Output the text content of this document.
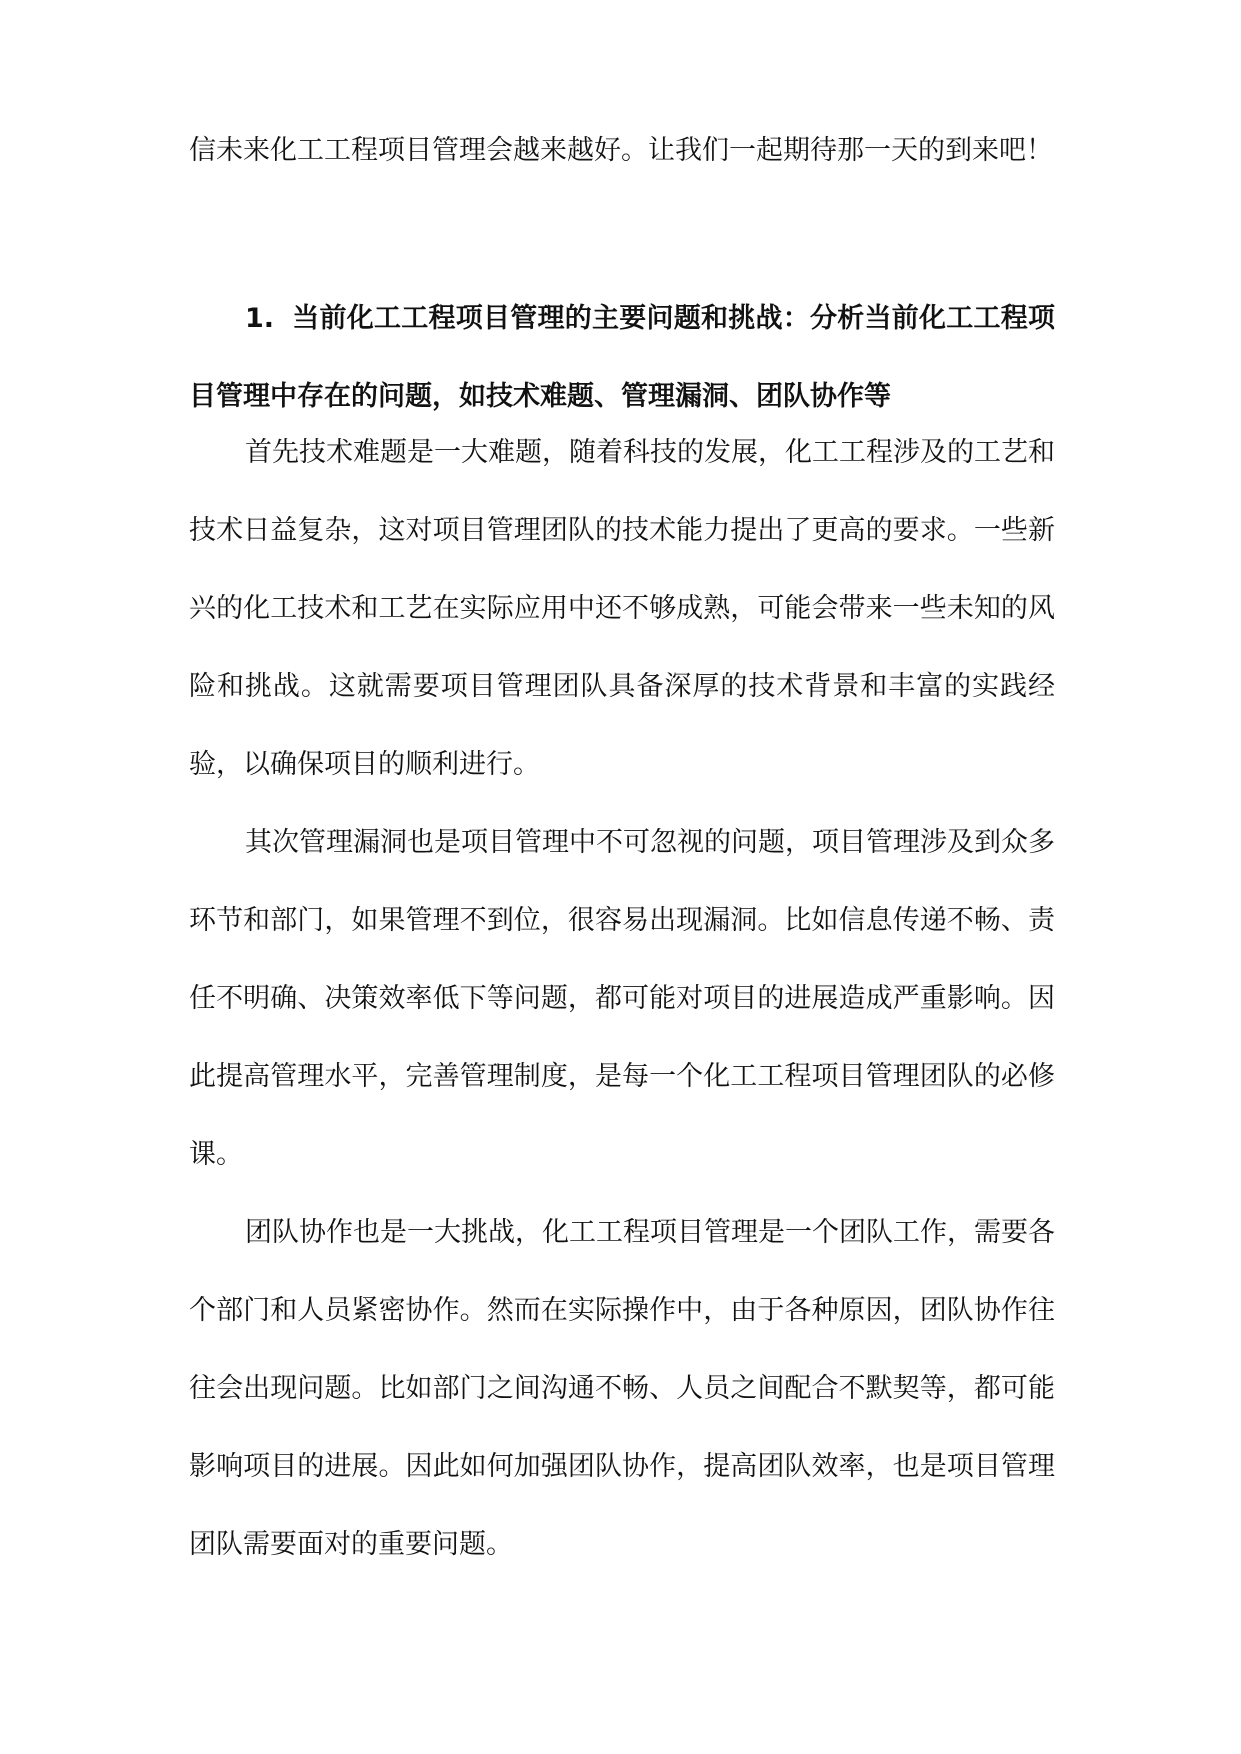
信未来化工工程项目管理会越来越好。让我们一起期待那一天的到来吧！

1. 当前化工工程项目管理的主要问题和挑战：分析当前化工工程项目管理中存在的问题，如技术难题、管理漏洞、团队协作等

首先技术难题是一大难题，随着科技的发展，化工工程涉及的工艺和技术日益复杂，这对项目管理团队的技术能力提出了更高的要求。一些新兴的化工技术和工艺在实际应用中还不够成熟，可能会带来一些未知的风险和挑战。这就需要项目管理团队具备深厚的技术背景和丰富的实践经验，以确保项目的顺利进行。

其次管理漏洞也是项目管理中不可忽视的问题，项目管理涉及到众多环节和部门，如果管理不到位，很容易出现漏洞。比如信息传递不畅、责任不明确、决策效率低下等问题，都可能对项目的进展造成严重影响。因此提高管理水平，完善管理制度，是每一个化工工程项目管理团队的必修课。

团队协作也是一大挑战，化工工程项目管理是一个团队工作，需要各个部门和人员紧密协作。然而在实际操作中，由于各种原因，团队协作往往会出现问题。比如部门之间沟通不畅、人员之间配合不默契等，都可能影响项目的进展。因此如何加强团队协作，提高团队效率，也是项目管理团队需要面对的重要问题。
